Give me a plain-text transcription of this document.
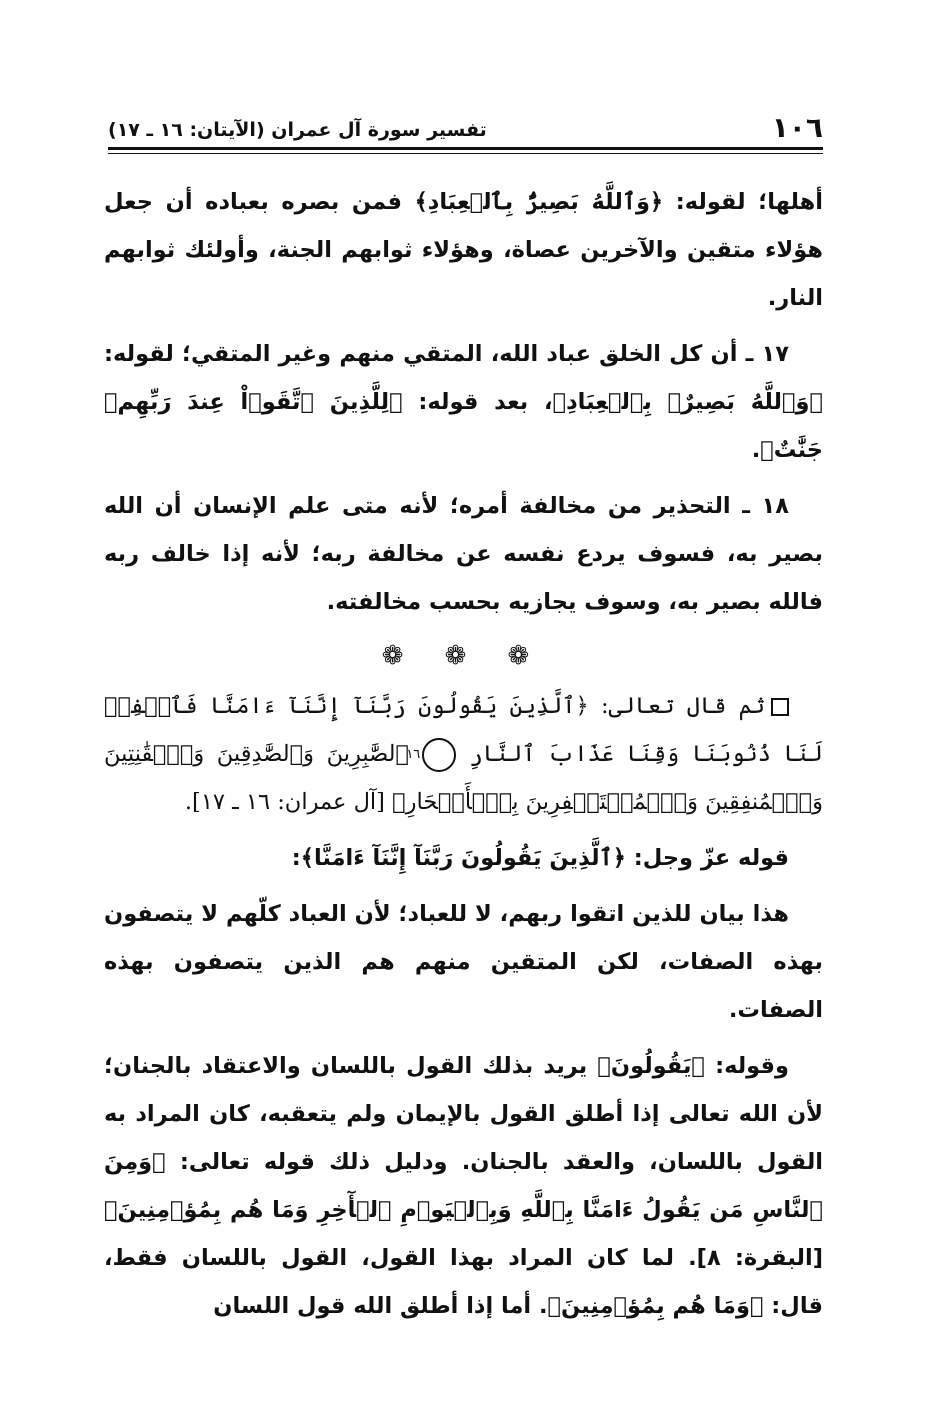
١٠٦
تفسير سورة آل عمران (الآيتان: ١٦ ـ ١٧)

أهلها؛ لقوله: ﴿وَٱللَّهُ بَصِيرٌۢ بِٱلۡعِبَادِ﴾ فمن بصره بعباده أن جعل هؤلاء متقين والآخرين عصاة، وهؤلاء ثوابهم الجنة، وأولئك ثوابهم النار.

١٧ ـ أن كل الخلق عباد الله، المتقي منهم وغير المتقي؛ لقوله: ﴿وَٱللَّهُ بَصِيرٌۢ بِٱلۡعِبَادِ﴾، بعد قوله: ﴿لِلَّذِينَ ٱتَّقَوۡاْ عِندَ رَبِّهِمۡ جَنَّٰتٌ﴾.

١٨ ـ التحذير من مخالفة أمره؛ لأنه متى علم الإنسان أن الله بصير به، فسوف يردع نفسه عن مخالفة ربه؛ لأنه إذا خالف ربه فالله بصير به، وسوف يجازيه بحسب مخالفته.

❁ ❁ ❁

ثم قال تعالى: ﴿ٱلَّذِينَ يَقُولُونَ رَبَّنَآ إِنَّنَآ ءَامَنَّا فَٱغۡفِرۡ لَنَا ذُنُوبَنَا وَقِنَا عَذَابَ ٱلنَّارِ ١٦ ٱلصَّٰبِرِينَ وَٱلصَّٰدِقِينَ وَٱلۡقَٰنِتِينَ وَٱلۡمُنفِقِينَ وَٱلۡمُسۡتَغۡفِرِينَ بِٱلۡأَسۡحَارِ﴾ [آل عمران: ١٦ ـ ١٧].

قوله عزّ وجل: ﴿ٱلَّذِينَ يَقُولُونَ رَبَّنَآ إِنَّنَآ ءَامَنَّا﴾:

هذا بيان للذين اتقوا ربهم، لا للعباد؛ لأن العباد كلّهم لا يتصفون بهذه الصفات، لكن المتقين منهم هم الذين يتصفون بهذه الصفات.

وقوله: ﴿يَقُولُونَ﴾ يريد بذلك القول باللسان والاعتقاد بالجنان؛ لأن الله تعالى إذا أطلق القول بالإيمان ولم يتعقبه، كان المراد به القول باللسان، والعقد بالجنان. ودليل ذلك قوله تعالى: ﴿وَمِنَ ٱلنَّاسِ مَن يَقُولُ ءَامَنَّا بِٱللَّهِ وَبِٱلۡيَوۡمِ ٱلۡأٓخِرِ وَمَا هُم بِمُؤۡمِنِينَ﴾ [البقرة: ٨]. لما كان المراد بهذا القول، القول باللسان فقط، قال: ﴿وَمَا هُم بِمُؤۡمِنِينَ﴾. أما إذا أطلق الله قول اللسان
